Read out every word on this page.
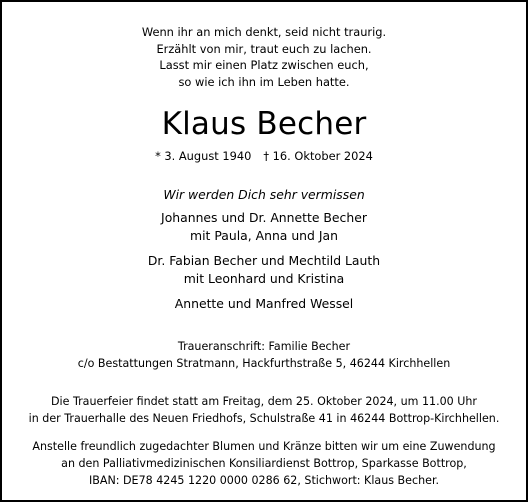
Wenn ihr an mich denkt, seid nicht traurig.
Erzählt von mir, traut euch zu lachen.
Lasst mir einen Platz zwischen euch,
so wie ich ihn im Leben hatte.
Klaus Becher
* 3. August 1940 † 16. Oktober 2024
Wir werden Dich sehr vermissen
Johannes und Dr. Annette Becher
mit Paula, Anna und Jan
Dr. Fabian Becher und Mechtild Lauth
mit Leonhard und Kristina
Annette und Manfred Wessel
Traueranschrift: Familie Becher
c/o Bestattungen Stratmann, Hackfurthstraße 5, 46244 Kirchhellen
Die Trauerfeier findet statt am Freitag, dem 25. Oktober 2024, um 11.00 Uhr
in der Trauerhalle des Neuen Friedhofs, Schulstraße 41 in 46244 Bottrop-Kirchhellen.
Anstelle freundlich zugedachter Blumen und Kränze bitten wir um eine Zuwendung
an den Palliativmedizinischen Konsiliardienst Bottrop, Sparkasse Bottrop,
IBAN: DE78 4245 1220 0000 0286 62, Stichwort: Klaus Becher.
